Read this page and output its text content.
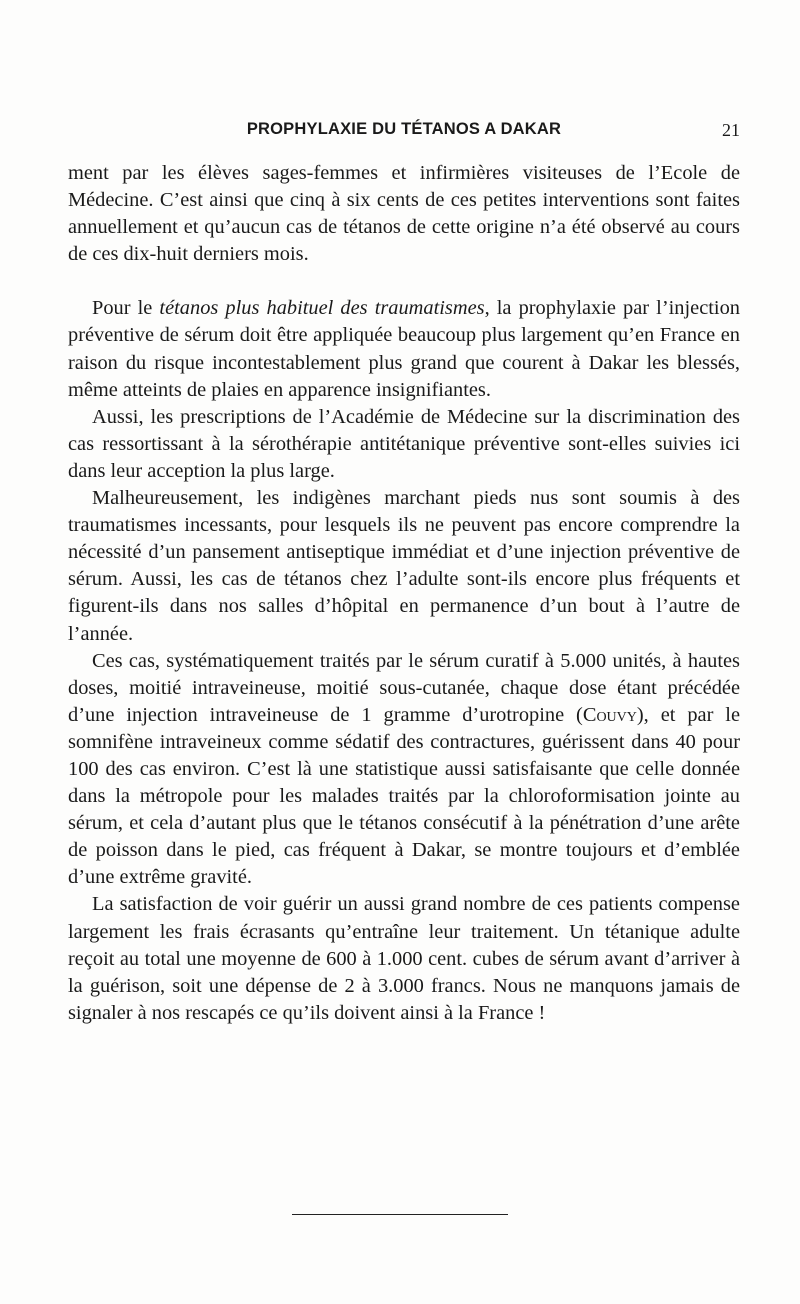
PROPHYLAXIE DU TÉTANOS A DAKAR	21

ment par les élèves sages-femmes et infirmières visiteuses de l’Ecole de Médecine. C’est ainsi que cinq à six cents de ces petites interventions sont faites annuellement et qu’aucun cas de tétanos de cette origine n’a été observé au cours de ces dix-huit derniers mois.

Pour le tétanos plus habituel des traumatismes, la prophylaxie par l’injection préventive de sérum doit être appliquée beaucoup plus largement qu’en France en raison du risque incontestablement plus grand que courent à Dakar les blessés, même atteints de plaies en apparence insignifiantes.

Aussi, les prescriptions de l’Académie de Médecine sur la discrimination des cas ressortissant à la sérothérapie antitétanique préventive sont-elles suivies ici dans leur acception la plus large.

Malheureusement, les indigènes marchant pieds nus sont soumis à des traumatismes incessants, pour lesquels ils ne peuvent pas encore comprendre la nécessité d’un pansement antiseptique immédiat et d’une injection préventive de sérum. Aussi, les cas de tétanos chez l’adulte sont-ils encore plus fréquents et figurent-ils dans nos salles d’hôpital en permanence d’un bout à l’autre de l’année.

Ces cas, systématiquement traités par le sérum curatif à 5.000 unités, à hautes doses, moitié intraveineuse, moitié sous-cutanée, chaque dose étant précédée d’une injection intraveineuse de 1 gramme d’urotropine (Couvy), et par le somnifène intraveineux comme sédatif des contractures, guérissent dans 40 pour 100 des cas environ. C’est là une statistique aussi satisfaisante que celle donnée dans la métropole pour les malades traités par la chloroformisation jointe au sérum, et cela d’autant plus que le tétanos consécutif à la pénétration d’une arête de poisson dans le pied, cas fréquent à Dakar, se montre toujours et d’emblée d’une extrême gravité.

La satisfaction de voir guérir un aussi grand nombre de ces patients compense largement les frais écrasants qu’entraîne leur traitement. Un tétanique adulte reçoit au total une moyenne de 600 à 1.000 cent. cubes de sérum avant d’arriver à la guérison, soit une dépense de 2 à 3.000 francs. Nous ne manquons jamais de signaler à nos rescapés ce qu’ils doivent ainsi à la France !
